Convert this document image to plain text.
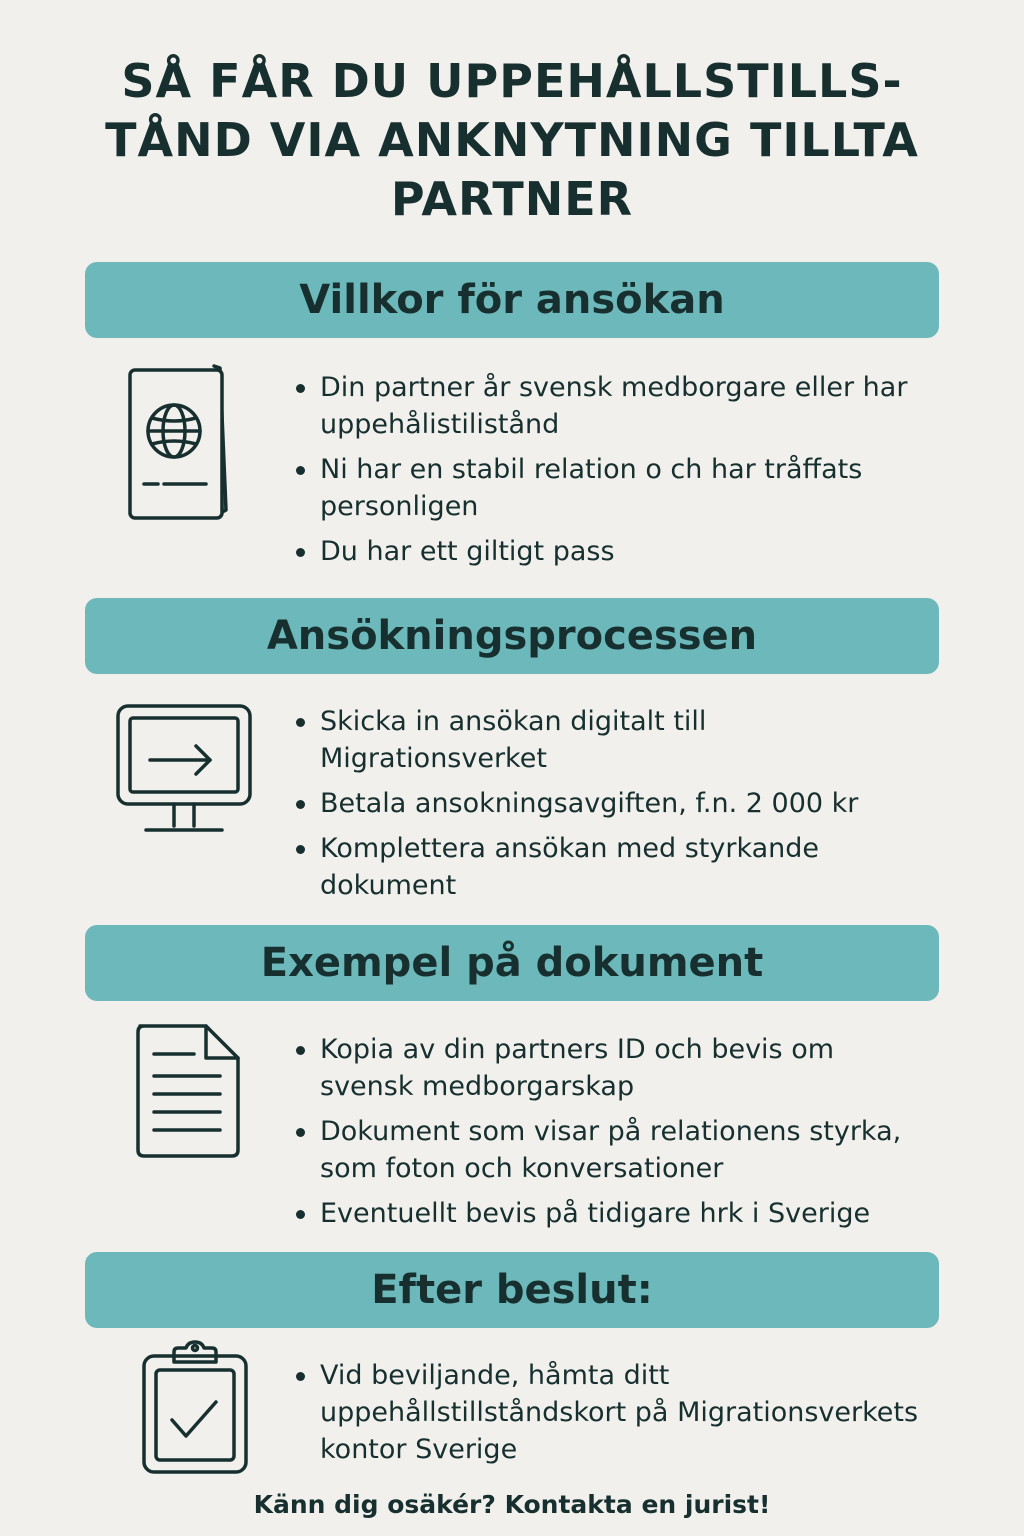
SÅ FÅR DU UPPEHÅLLSTILLS-
TÅND VIA ANKNYTNING TILLTA
PARTNER
Villkor för ansökan
Din partner år svensk medborgare eller har uppehålistilistånd
Ni har en stabil relation o ch har tråffats personligen
Du har ett giltigt pass
Ansökningsprocessen
Skicka in ansökan digitalt till Migrationsverket
Betala ansokningsavgiften, f.n. 2 000 kr
Komplettera ansökan med styrkande dokument
Exempel på dokument
Kopia av din partners ID och bevis om svensk medborgarskap
Dokument som visar på relationens styrka, som foton och konversationer
Eventuellt bevis på tidigare hrk i Sverige
Efter beslut:
Vid beviljande, håmta ditt uppehållstillståndskort på Migrationsverkets kontor Sverige

Känn dig osäkér? Kontakta en jurist!
